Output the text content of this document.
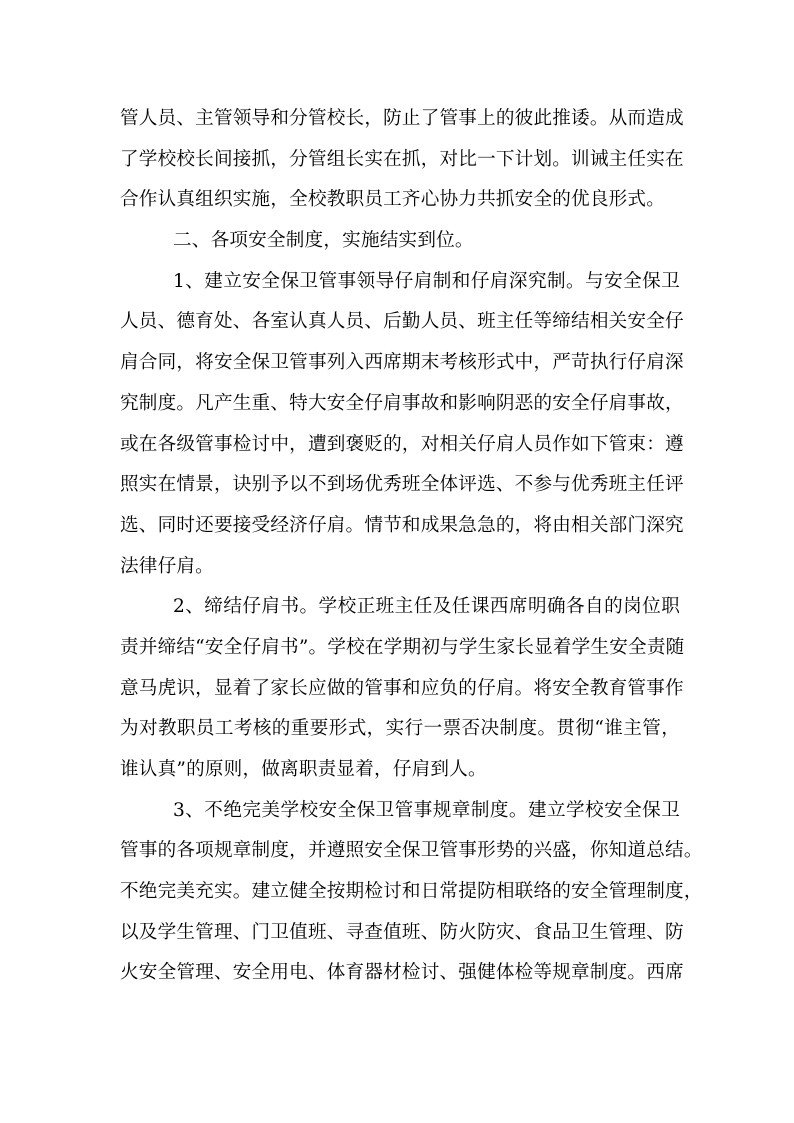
管人员、主管领导和分管校长，防止了管事上的彼此推诿。从而造成
了学校校长间接抓，分管组长实在抓，对比一下计划。训诫主任实在
合作认真组织实施，全校教职员工齐心协力共抓安全的优良形式。
二、各项安全制度，实施结实到位。
1、建立安全保卫管事领导仔肩制和仔肩深究制。与安全保卫
人员、德育处、各室认真人员、后勤人员、班主任等缔结相关安全仔
肩合同，将安全保卫管事列入西席期末考核形式中，严苛执行仔肩深
究制度。凡产生重、特大安全仔肩事故和影响阴恶的安全仔肩事故，
或在各级管事检讨中，遭到褒贬的，对相关仔肩人员作如下管束：遵
照实在情景，诀别予以不到场优秀班全体评选、不参与优秀班主任评
选、同时还要接受经济仔肩。情节和成果急急的，将由相关部门深究
法律仔肩。
2、缔结仔肩书。学校正班主任及任课西席明确各自的岗位职
责并缔结“安全仔肩书”。学校在学期初与学生家长显着学生安全责随
意马虎识，显着了家长应做的管事和应负的仔肩。将安全教育管事作
为对教职员工考核的重要形式，实行一票否决制度。贯彻“谁主管，
谁认真”的原则，做离职责显着，仔肩到人。
3、不绝完美学校安全保卫管事规章制度。建立学校安全保卫
管事的各项规章制度，并遵照安全保卫管事形势的兴盛，你知道总结。
不绝完美充实。建立健全按期检讨和日常提防相联络的安全管理制度，
以及学生管理、门卫值班、寻查值班、防火防灾、食品卫生管理、防
火安全管理、安全用电、体育器材检讨、强健体检等规章制度。西席
